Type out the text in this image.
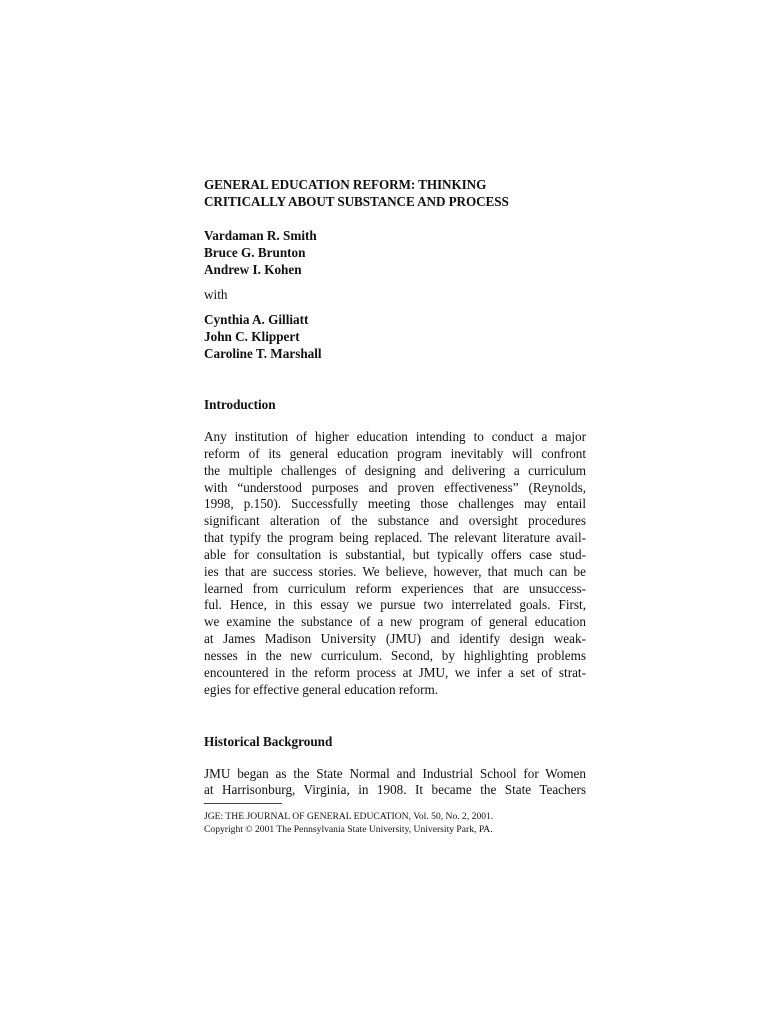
GENERAL EDUCATION REFORM: THINKING
CRITICALLY ABOUT SUBSTANCE AND PROCESS
Vardaman R. Smith
Bruce G. Brunton
Andrew I. Kohen
with
Cynthia A. Gilliatt
John C. Klippert
Caroline T. Marshall
Introduction
Any institution of higher education intending to conduct a major
reform of its general education program inevitably will confront
the multiple challenges of designing and delivering a curriculum
with “understood purposes and proven effectiveness” (Reynolds,
1998, p.150). Successfully meeting those challenges may entail
significant alteration of the substance and oversight procedures
that typify the program being replaced. The relevant literature avail-
able for consultation is substantial, but typically offers case stud-
ies that are success stories. We believe, however, that much can be
learned from curriculum reform experiences that are unsuccess-
ful. Hence, in this essay we pursue two interrelated goals. First,
we examine the substance of a new program of general education
at James Madison University (JMU) and identify design weak-
nesses in the new curriculum. Second, by highlighting problems
encountered in the reform process at JMU, we infer a set of strat-
egies for effective general education reform.
Historical Background
JMU began as the State Normal and Industrial School for Women
at Harrisonburg, Virginia, in 1908. It became the State Teachers
JGE: THE JOURNAL OF GENERAL EDUCATION, Vol. 50, No. 2, 2001.
Copyright © 2001 The Pennsylvania State University, University Park, PA.
